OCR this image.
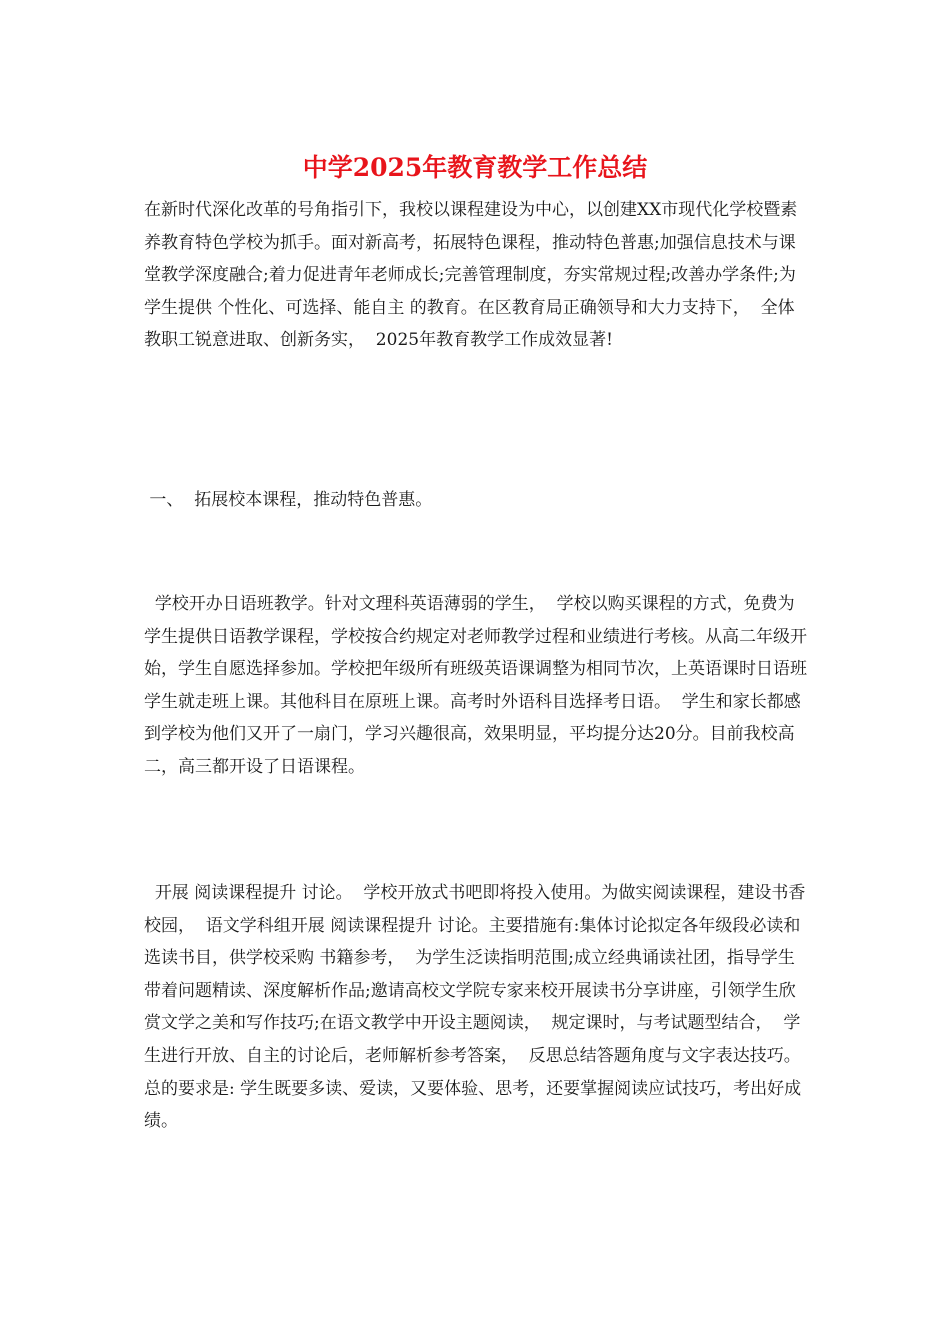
中学2025年教育教学工作总结
在新时代深化改革的号角指引下，我校以课程建设为中心，以创建XX市现代化学校暨素养教育特色学校为抓手。面对新高考，拓展特色课程，推动特色普惠;加强信息技术与课堂教学深度融合;着力促进青年老师成长;完善管理制度，夯实常规过程;改善办学条件;为学生提供 个性化、可选择、能自主 的教育。在区教育局正确领导和大力支持下，  全体教职工锐意进取、创新务实，  2025年教育教学工作成效显著!
一、  拓展校本课程，推动特色普惠。
学校开办日语班教学。针对文理科英语薄弱的学生，  学校以购买课程的方式，免费为学生提供日语教学课程，学校按合约规定对老师教学过程和业绩进行考核。从高二年级开始，学生自愿选择参加。学校把年级所有班级英语课调整为相同节次，上英语课时日语班学生就走班上课。其他科目在原班上课。高考时外语科目选择考日语。  学生和家长都感到学校为他们又开了一扇门，学习兴趣很高，效果明显，平均提分达20分。目前我校高二，高三都开设了日语课程。
开展 阅读课程提升 讨论。  学校开放式书吧即将投入使用。为做实阅读课程，建设书香校园，  语文学科组开展 阅读课程提升 讨论。主要措施有:集体讨论拟定各年级段必读和选读书目，供学校采购 书籍参考，  为学生泛读指明范围;成立经典诵读社团，指导学生带着问题精读、深度解析作品;邀请高校文学院专家来校开展读书分享讲座，引领学生欣赏文学之美和写作技巧;在语文教学中开设主题阅读，  规定课时，与考试题型结合，  学生进行开放、自主的讨论后，老师解析参考答案，  反思总结答题角度与文字表达技巧。总的要求是: 学生既要多读、爱读，又要体验、思考，还要掌握阅读应试技巧，考出好成绩。
